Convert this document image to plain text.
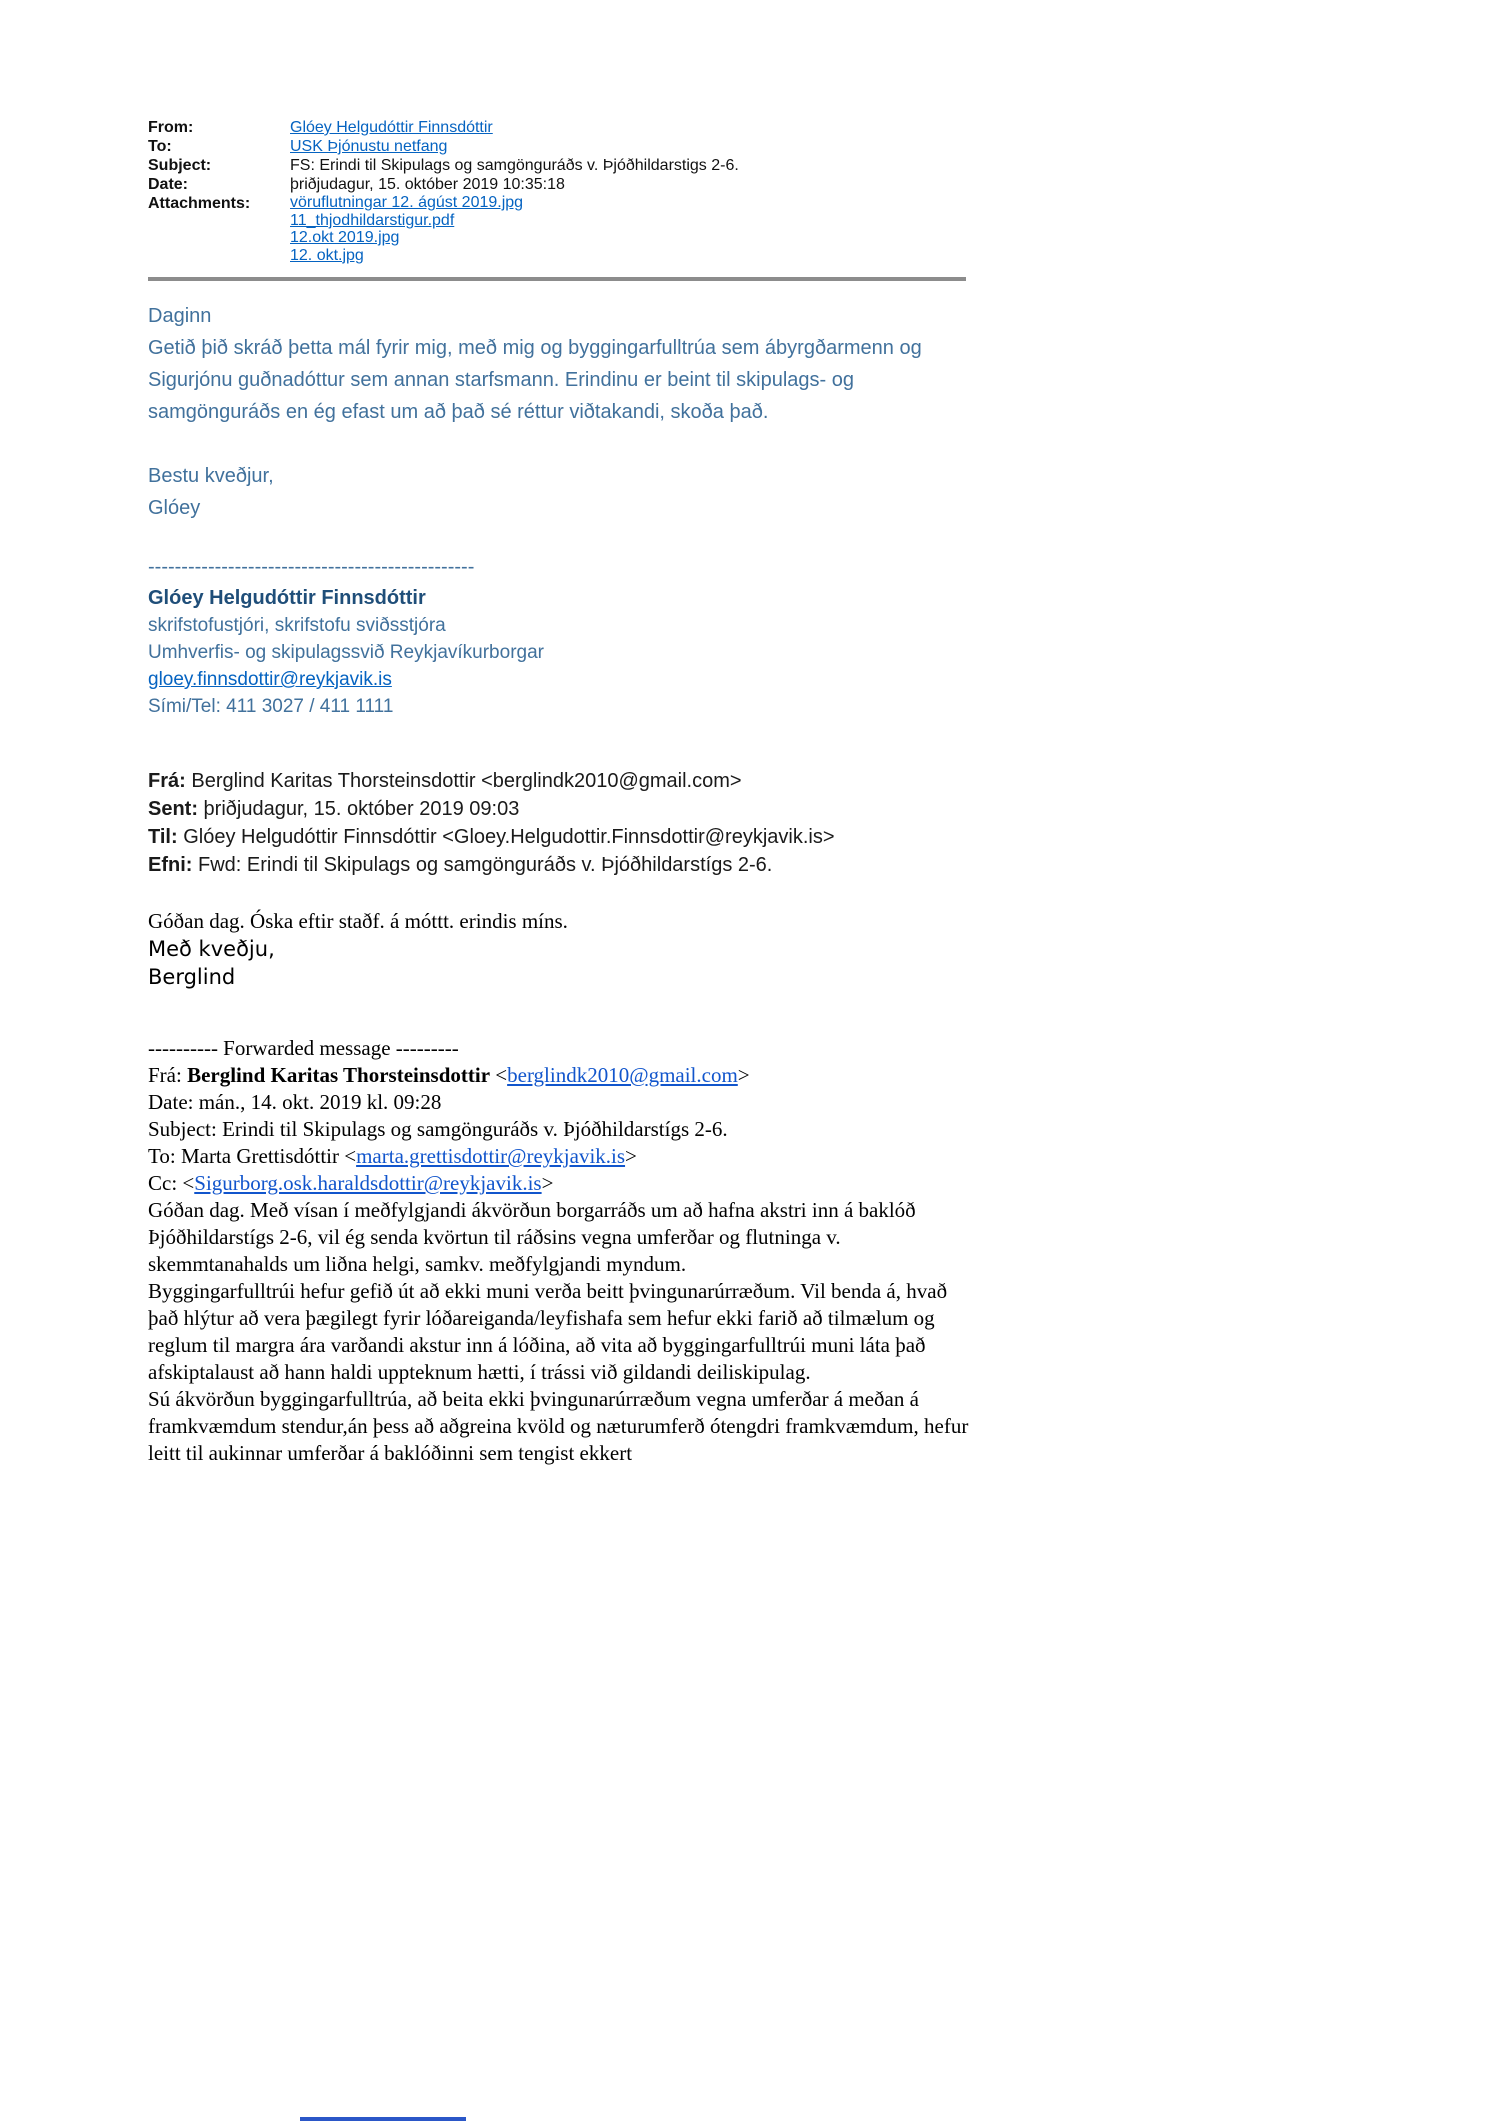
From:	Glóey Helgudóttir Finnsdóttir
To:	USK Þjónustu netfang
Subject:	FS: Erindi til Skipulags og samgönguráðs v. Þjóðhildarstigs 2-6.
Date:	þriðjudagur, 15. október 2019 10:35:18
Attachments:	vöruflutningar 12. ágúst 2019.jpg
11_thjodhildarstigur.pdf
12.okt 2019.jpg
12. okt.jpg

Daginn

Getið þið skráð þetta mál fyrir mig, með mig og byggingarfulltrúa sem ábyrgðarmenn og Sigurjónu guðnadóttur sem annan starfsmann. Erindinu er beint til skipulags- og samgönguráðs en ég efast um að það sé réttur viðtakandi, skoða það.

Bestu kveðjur,

Glóey

-------------------------------------------------

Glóey Helgudóttir Finnsdóttir

skrifstofustjóri, skrifstofu sviðsstjóra

Umhverfis- og skipulagssvið Reykjavíkurborgar

gloey.finnsdottir@reykjavik.is

Sími/Tel: 411 3027 / 411 1111

Frá: Berglind Karitas Thorsteinsdottir <berglindk2010@gmail.com>

Sent: þriðjudagur, 15. október 2019 09:03

Til: Glóey Helgudóttir Finnsdóttir <Gloey.Helgudottir.Finnsdottir@reykjavik.is>

Efni: Fwd: Erindi til Skipulags og samgönguráðs v. Þjóðhildarstígs 2-6.

Góðan dag. Óska eftir staðf. á móttt. erindis míns.

Með kveðju,

Berglind

---------- Forwarded message ---------

Frá: Berglind Karitas Thorsteinsdottir <berglindk2010@gmail.com>

Date: mán., 14. okt. 2019 kl. 09:28

Subject: Erindi til Skipulags og samgönguráðs v. Þjóðhildarstígs 2-6.

To: Marta Grettisdóttir <marta.grettisdottir@reykjavik.is>

Cc: <Sigurborg.osk.haraldsdottir@reykjavik.is>

Góðan dag. Með vísan í meðfylgjandi ákvörðun borgarráðs um að hafna akstri inn á baklóð Þjóðhildarstígs 2-6, vil ég senda kvörtun til ráðsins vegna umferðar og flutninga v. skemmtanahalds um liðna helgi, samkv. meðfylgjandi myndum.

Byggingarfulltrúi hefur gefið út að ekki muni verða beitt þvingunarúrræðum. Vil benda á, hvað það hlýtur að vera þægilegt fyrir lóðareiganda/leyfishafa sem hefur ekki farið að tilmælum og reglum til margra ára varðandi akstur inn á lóðina, að vita að byggingarfulltrúi muni láta það afskiptalaust að hann haldi uppteknum hætti, í trássi við gildandi deiliskipulag.

Sú ákvörðun byggingarfulltrúa, að beita ekki þvingunarúrræðum vegna umferðar á meðan á framkvæmdum stendur,án þess að aðgreina kvöld og næturumferð ótengdri framkvæmdum, hefur leitt til aukinnar umferðar á baklóðinni sem tengist ekkert
